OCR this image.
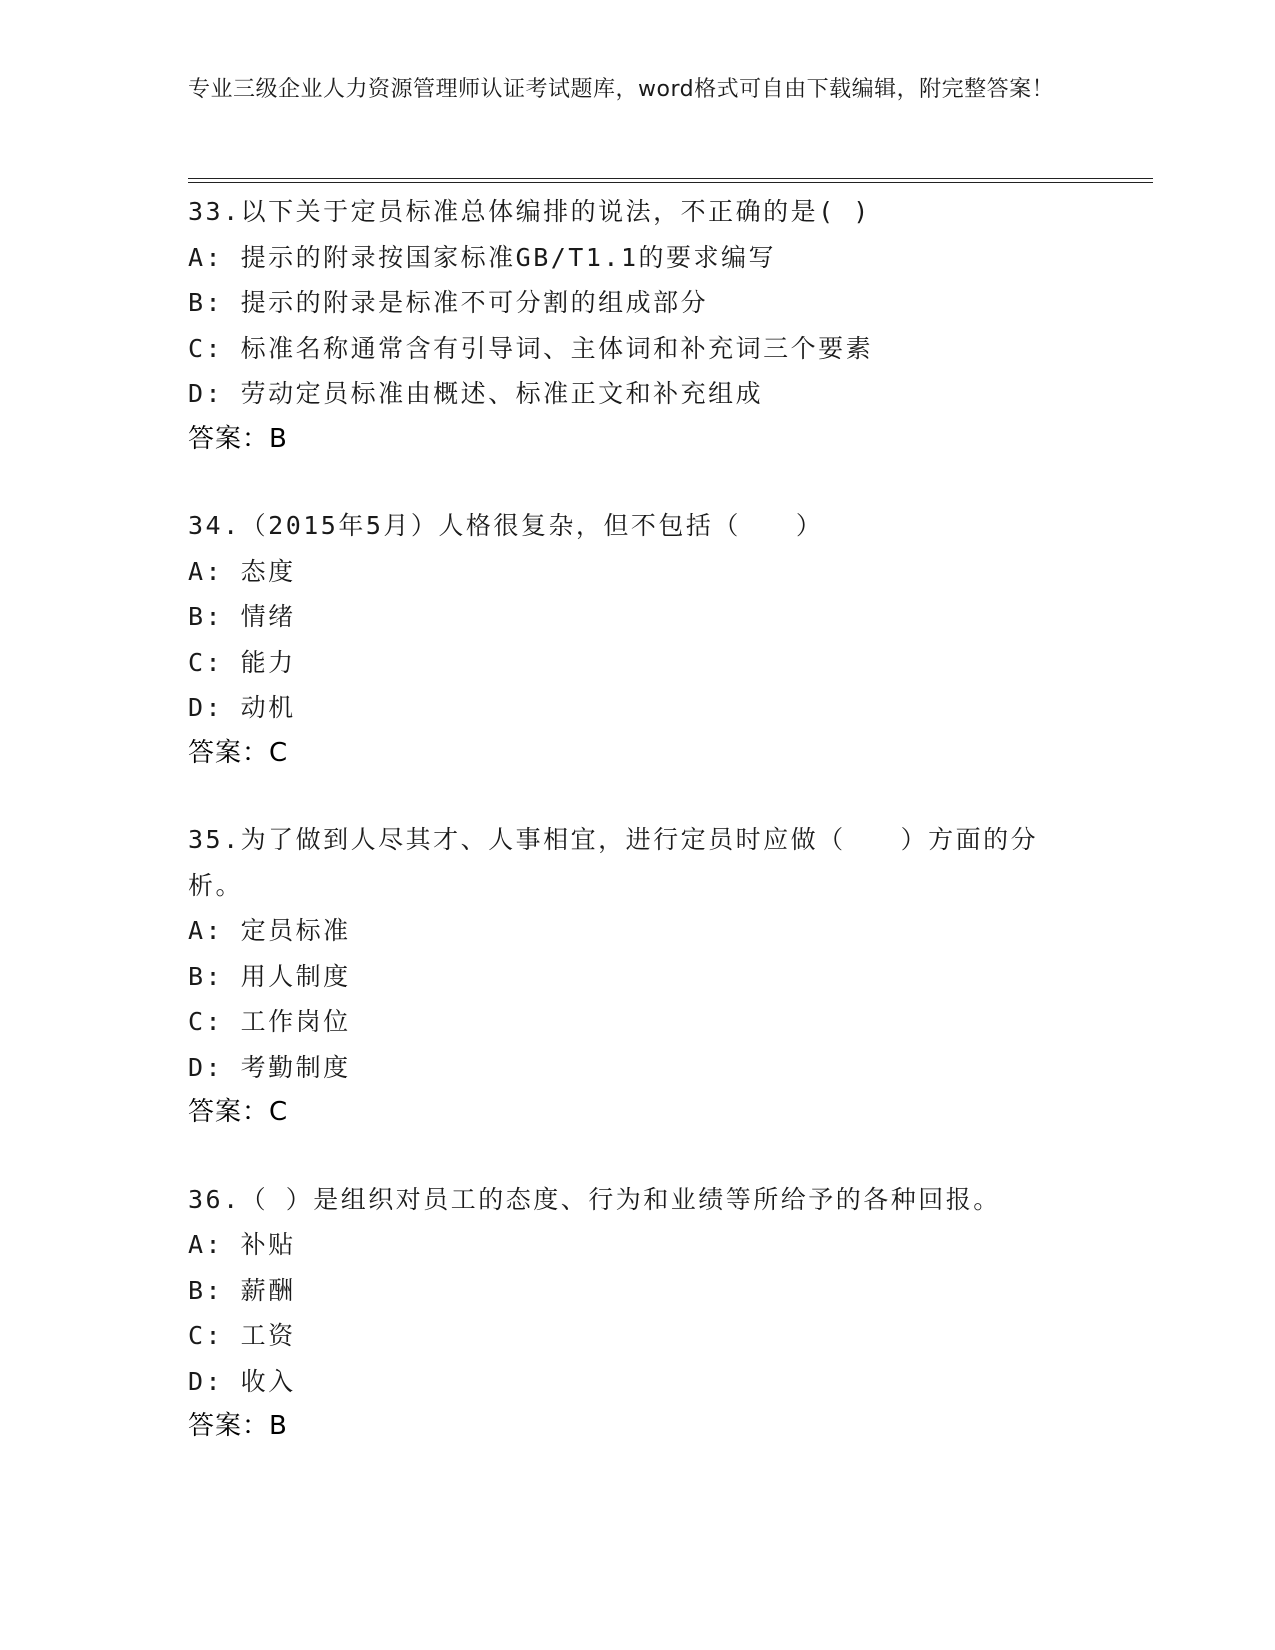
专业三级企业人力资源管理师认证考试题库，word格式可自由下载编辑，附完整答案！
33.以下关于定员标准总体编排的说法，不正确的是( )
A: 提示的附录按国家标准GB/T1.1的要求编写
B: 提示的附录是标准不可分割的组成部分
C: 标准名称通常含有引导词、主体词和补充词三个要素
D: 劳动定员标准由概述、标准正文和补充组成
答案：B
34.（2015年5月）人格很复杂，但不包括（　　）
A: 态度
B: 情绪
C: 能力
D: 动机
答案：C
35.为了做到人尽其才、人事相宜，进行定员时应做（　　）方面的分析。
A: 定员标准
B: 用人制度
C: 工作岗位
D: 考勤制度
答案：C
36.（ ）是组织对员工的态度、行为和业绩等所给予的各种回报。
A: 补贴
B: 薪酬
C: 工资
D: 收入
答案：B
